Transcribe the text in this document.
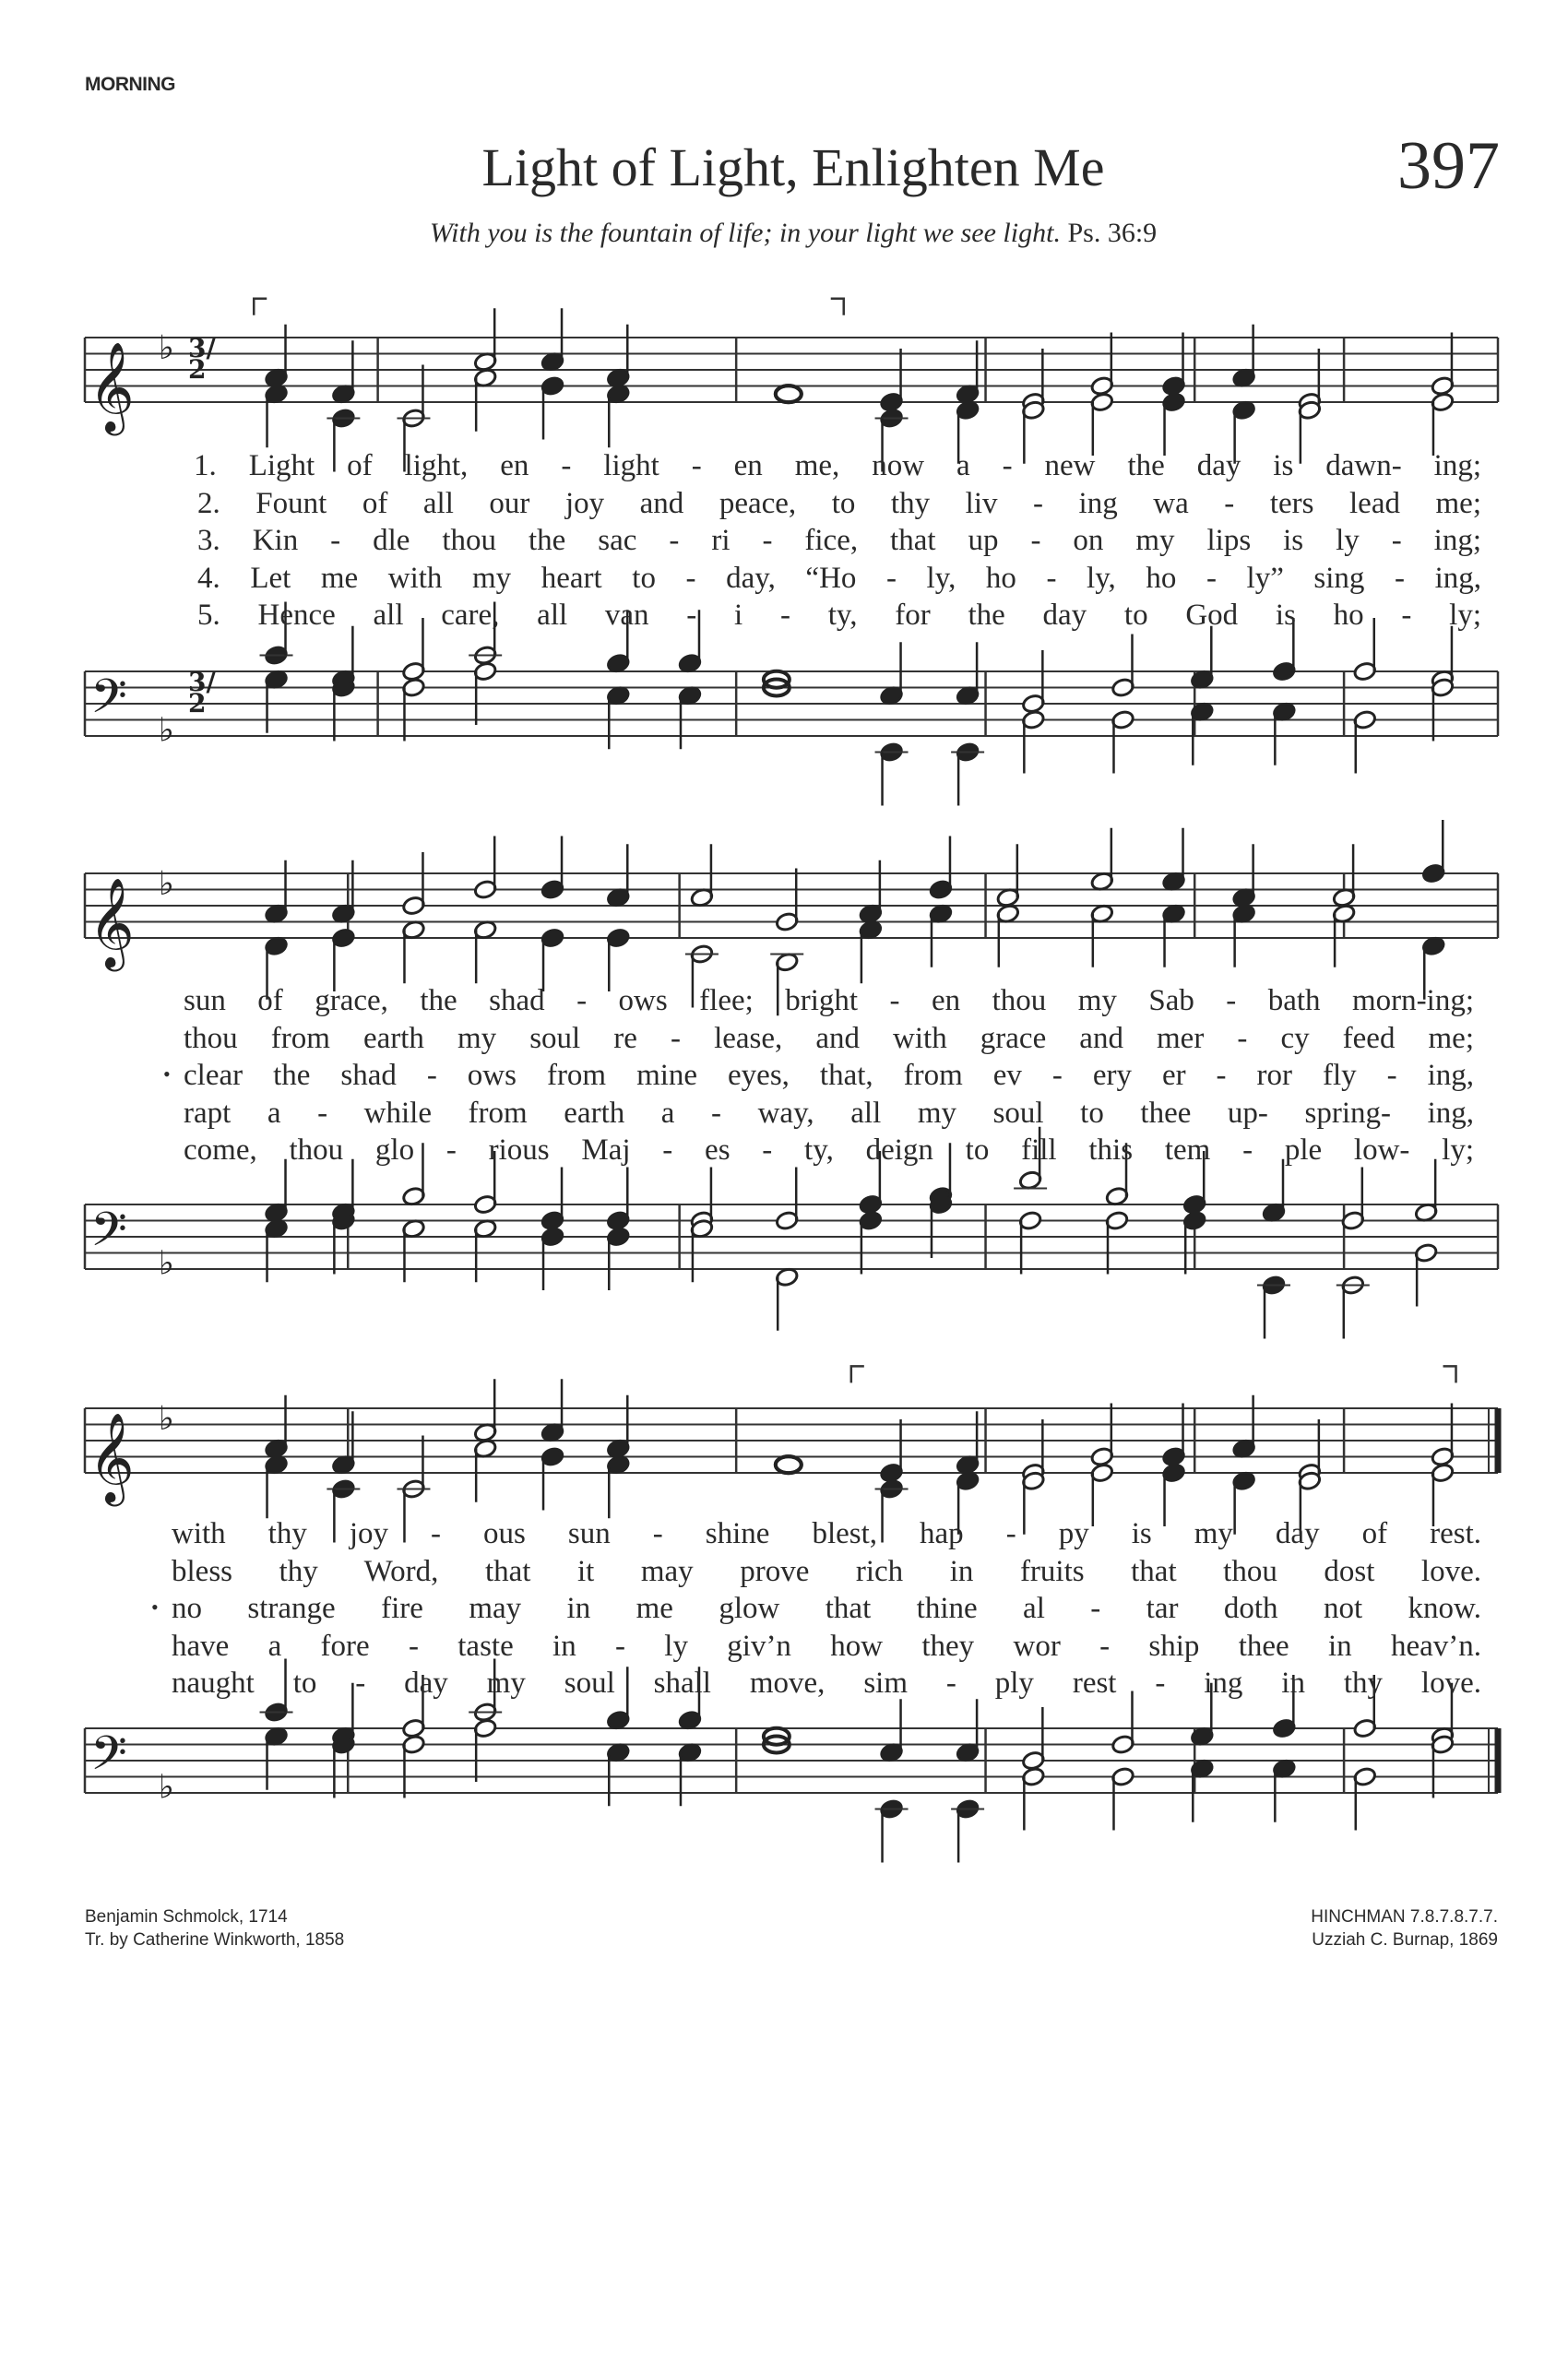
𝄞 ♭
𝄢 ♭
𝄞 ♭
𝄢 ♭
𝄞 ♭
𝄢 ♭
MORNING
Light of Light, Enlighten Me	397
With you is the fountain of life; in your light we see light. Ps. 36:9
3/2
3/2
1. Light of light, en - light - en me, now a - new the day is dawn- ing;
2. Fount of all our joy and peace, to thy liv - ing wa - ters lead me;
3. Kin - dle thou the sac - ri - fice, that up - on my lips is ly - ing;
4. Let me with my heart to - day, “Ho - ly, ho - ly, ho - ly” sing - ing,
5. Hence all care, all van - i - ty, for the day to God is ho - ly;
sun of grace, the shad - ows flee; bright - en thou my Sab - bath morn-ing;
thou from earth my soul re - lease, and with grace and mer - cy feed me;
clear the shad - ows from mine eyes, that, from ev - ery er - ror fly - ing,
•
rapt a - while from earth a - way, all my soul to thee up- spring- ing,
come, thou glo - rious Maj - es - ty, deign to fill this tem - ple low- ly;
with thy joy - ous sun - shine blest, hap - py is my day of rest.
bless thy Word, that it may prove rich in fruits that thou dost love.
no strange fire may in me glow that thine al - tar doth not know.
•
have a fore - taste in - ly giv’n how they wor - ship thee in heav’n.
naught to - day my soul shall move, sim - ply rest - ing in thy love.
Benjamin Schmolck, 1714
Tr. by Catherine Winkworth, 1858
HINCHMAN 7.8.7.8.7.7.
Uzziah C. Burnap, 1869
